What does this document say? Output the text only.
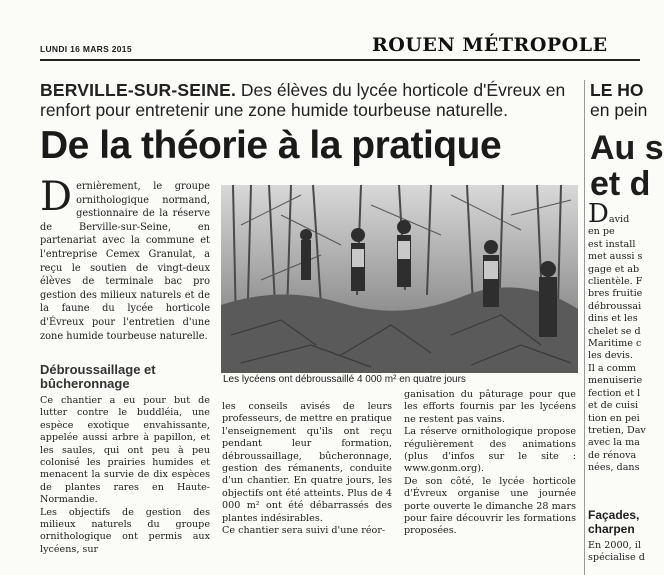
LUNDI 16 MARS 2015	ROUEN MÉTROPOLE
BERVILLE-SUR-SEINE. Des élèves du lycée horticole d'Évreux en renfort pour entretenir une zone humide tourbeuse naturelle.
De la théorie à la pratique
Dernièrement, le groupe ornithologique normand, gestionnaire de la réserve de Berville-sur-Seine, en partenariat avec la commune et l'entreprise Cemex Granulat, a reçu le soutien de vingt-deux élèves de terminale bac pro gestion des milieux naturels et de la faune du lycée horticole d'Évreux pour l'entretien d'une zone humide tourbeuse naturelle.
Débroussaillage et bûcheronnage

Ce chantier a eu pour but de lutter contre le buddléia, une espèce exotique envahissante, appelée aussi arbre à papillon, et les saules, qui ont peu à peu colonisé les prairies humides et menacent la survie de dix espèces de plantes rares en Haute-Normandie.

Les objectifs de gestion des milieux naturels du groupe ornithologique ont permis aux lycéens, sur

les conseils avisés de leurs professeurs, de mettre en pratique l'enseignement qu'ils ont reçu pendant leur formation, débroussaillage, bûcheronnage, gestion des rémanents, conduite d'un chantier. En quatre jours, les objectifs ont été atteints. Plus de 4 000 m² ont été débarrassés des plantes indésirables.

Ce chantier sera suivi d'une réor-

ganisation du pâturage pour que les efforts fournis par les lycéens ne restent pas vains.

La réserve ornithologique propose régulièrement des animations (plus d'infos sur le site : www.gonm.org).

De son côté, le lycée horticole d'Évreux organise une journée porte ouverte le dimanche 28 mars pour faire découvrir les formations proposées.

Les lycéens ont débroussaillé 4 000 m² en quatre jours
LE HO
en pein
Au s
et d
David
en pe
est install
met aussi s
gage et ab
clientèle. F
bres fruitie
débroussai
dins et les
chelet se d
Maritime c
les devis.
Il a comm
menuiserie
fection et l
et de cuisi
tion en pei
tretien, Dav
avec la ma
de rénova
nées, dans
Façades,
charpen
En 2000, il
spécialise d
